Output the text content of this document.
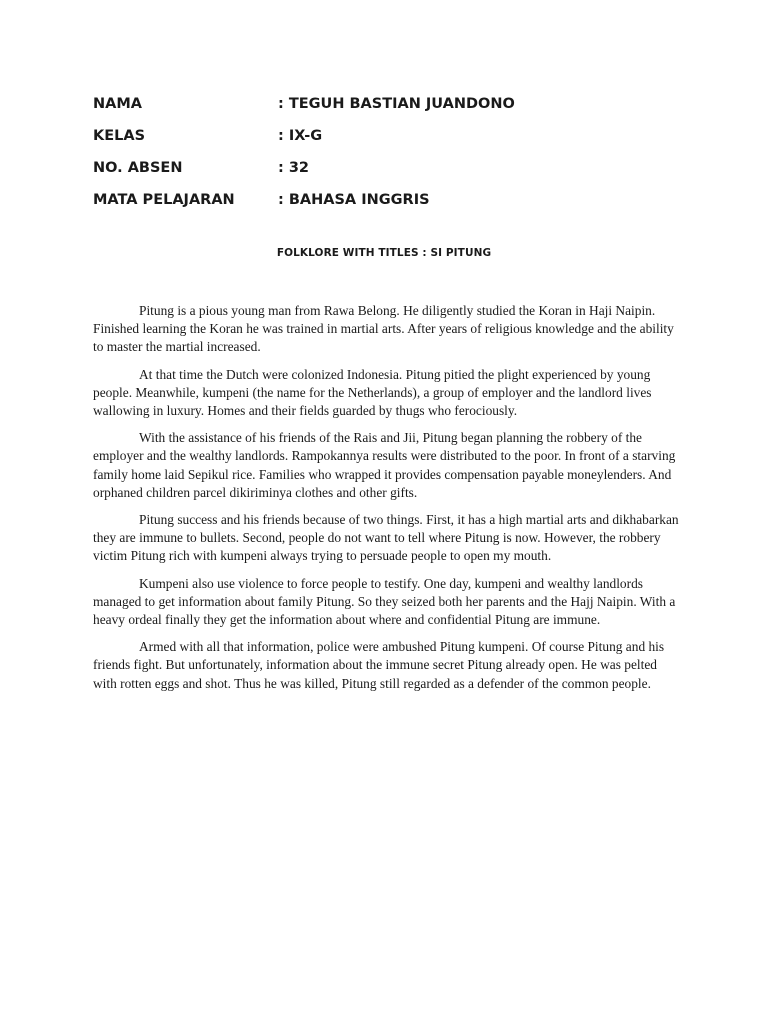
NAMA	: TEGUH BASTIAN JUANDONO
KELAS	: IX-G
NO. ABSEN	: 32
MATA PELAJARAN	: BAHASA INGGRIS
FOLKLORE WITH TITLES : SI PITUNG

Pitung is a pious young man from Rawa Belong. He diligently studied the Koran in Haji Naipin. Finished learning the Koran he was trained in martial arts. After years of religious knowledge and the ability to master the martial increased.

At that time the Dutch were colonized Indonesia. Pitung pitied the plight experienced by young people. Meanwhile, kumpeni (the name for the Netherlands), a group of employer and the landlord lives wallowing in luxury. Homes and their fields guarded by thugs who ferociously.

With the assistance of his friends of the Rais and Jii, Pitung began planning the robbery of the employer and the wealthy landlords. Rampokannya results were distributed to the poor. In front of a starving family home laid Sepikul rice. Families who wrapped it provides compensation payable moneylenders. And orphaned children parcel dikiriminya clothes and other gifts.

Pitung success and his friends because of two things. First, it has a high martial arts and dikhabarkan they are immune to bullets. Second, people do not want to tell where Pitung is now. However, the robbery victim Pitung rich with kumpeni always trying to persuade people to open my mouth.

Kumpeni also use violence to force people to testify. One day, kumpeni and wealthy landlords managed to get information about family Pitung. So they seized both her parents and the Hajj Naipin. With a heavy ordeal finally they get the information about where and confidential Pitung are immune.

Armed with all that information, police were ambushed Pitung kumpeni. Of course Pitung and his friends fight. But unfortunately, information about the immune secret Pitung already open. He was pelted with rotten eggs and shot. Thus he was killed, Pitung still regarded as a defender of the common people.
